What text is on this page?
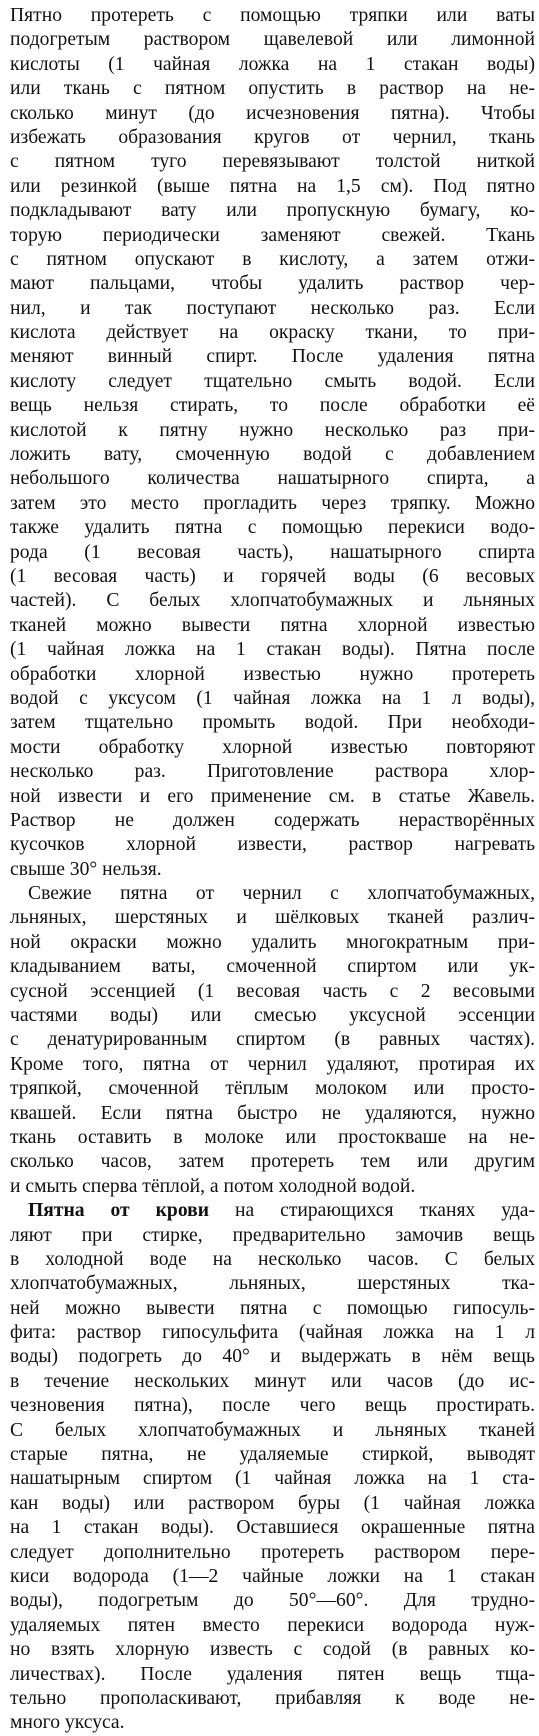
Пятно протереть с помощью тряпки или ваты
подогретым раствором щавелевой или лимонной
кислоты (1 чайная ложка на 1 стакан воды)
или ткань с пятном опустить в раствор на не-
сколько минут (до исчезновения пятна). Чтобы
избежать образования кругов от чернил, ткань
с пятном туго перевязывают толстой ниткой
или резинкой (выше пятна на 1,5 см). Под пятно
подкладывают вату или пропускную бумагу, ко-
торую периодически заменяют свежей. Ткань
с пятном опускают в кислоту, а затем отжи-
мают пальцами, чтобы удалить раствор чер-
нил, и так поступают несколько раз. Если
кислота действует на окраску ткани, то при-
меняют винный спирт. После удаления пятна
кислоту следует тщательно смыть водой. Если
вещь нельзя стирать, то после обработки её
кислотой к пятну нужно несколько раз при-
ложить вату, смоченную водой с добавлением
небольшого количества нашатырного спирта, а
затем это место прогладить через тряпку. Можно
также удалить пятна с помощью перекиси водо-
рода (1 весовая часть), нашатырного спирта
(1 весовая часть) и горячей воды (6 весовых
частей). С белых хлопчатобумажных и льняных
тканей можно вывести пятна хлорной известью
(1 чайная ложка на 1 стакан воды). Пятна после
обработки хлорной известью нужно протереть
водой с уксусом (1 чайная ложка на 1 л воды),
затем тщательно промыть водой. При необходи-
мости обработку хлорной известью повторяют
несколько раз. Приготовление раствора хлор-
ной извести и его применение см. в статье Жавель.
Раствор не должен содержать нерастворённых
кусочков хлорной извести, раствор нагревать
свыше 30° нельзя.
Свежие пятна от чернил с хлопчатобумажных,
льняных, шерстяных и шёлковых тканей различ-
ной окраски можно удалить многократным при-
кладыванием ваты, смоченной спиртом или ук-
сусной эссенцией (1 весовая часть с 2 весовыми
частями воды) или смесью уксусной эссенции
с денатурированным спиртом (в равных частях).
Кроме того, пятна от чернил удаляют, протирая их
тряпкой, смоченной тёплым молоком или просто-
квашей. Если пятна быстро не удаляются, нужно
ткань оставить в молоке или простокваше на не-
сколько часов, затем протереть тем или другим
и смыть сперва тёплой, а потом холодной водой.
Пятна от крови на стирающихся тканях уда-
ляют при стирке, предварительно замочив вещь
в холодной воде на несколько часов. С белых
хлопчатобумажных, льняных, шерстяных тка-
ней можно вывести пятна с помощью гипосуль-
фита: раствор гипосульфита (чайная ложка на 1 л
воды) подогреть до 40° и выдержать в нём вещь
в течение нескольких минут или часов (до ис-
чезновения пятна), после чего вещь простирать.
С белых хлопчатобумажных и льняных тканей
старые пятна, не удаляемые стиркой, выводят
нашатырным спиртом (1 чайная ложка на 1 ста-
кан воды) или раствором буры (1 чайная ложка
на 1 стакан воды). Оставшиеся окрашенные пятна
следует дополнительно протереть раствором пере-
киси водорода (1—2 чайные ложки на 1 стакан
воды), подогретым до 50°—60°. Для трудно-
удаляемых пятен вместо перекиси водорода нуж-
но взять хлорную известь с содой (в равных ко-
личествах). После удаления пятен вещь тща-
тельно прополаскивают, прибавляя к воде не-
много уксуса.
